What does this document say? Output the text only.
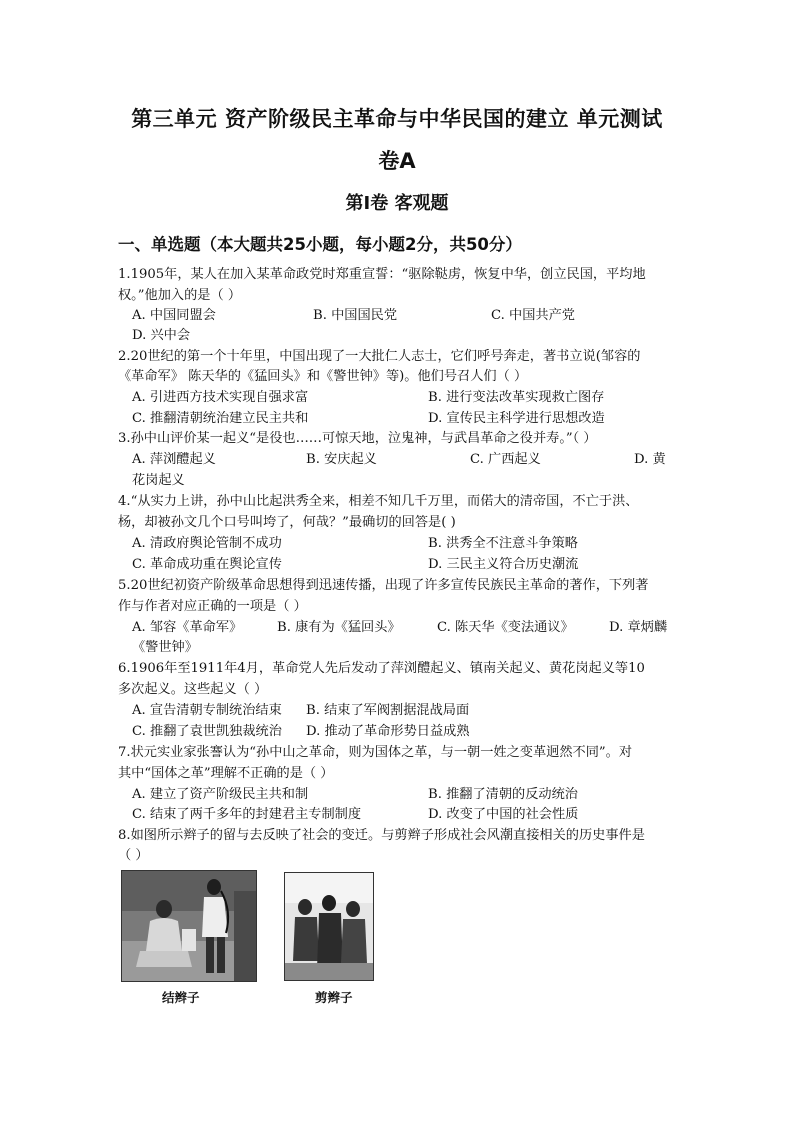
第三单元 资产阶级民主革命与中华民国的建立 单元测试
卷A
第Ⅰ卷 客观题
一、单选题（本大题共25小题，每小题2分，共50分）
1.1905年，某人在加入某革命政党时郑重宣誓：“驱除鞑虏，恢复中华，创立民国，平均地
权。”他加入的是（ ）
A. 中国同盟会	B. 中国国民党	C. 中国共产党
D. 兴中会
2.20世纪的第一个十年里，中国出现了一大批仁人志士，它们呼号奔走，著书立说(邹容的
《革命军》 陈天华的《猛回头》和《警世钟》等)。他们号召人们（ ）
A. 引进西方技术实现自强求富	B. 进行变法改革实现救亡图存
C. 推翻清朝统治建立民主共和	D. 宣传民主科学进行思想改造
3.孙中山评价某一起义“是役也……可惊天地，泣鬼神，与武昌革命之役并寿。”（ ）
A. 萍浏醴起义	B. 安庆起义	C. 广西起义	D. 黄
花岗起义
4.“从实力上讲，孙中山比起洪秀全来，相差不知几千万里，而偌大的清帝国，不亡于洪、
杨，却被孙文几个口号叫垮了，何哉？”最确切的回答是( )
A. 清政府舆论管制不成功	B. 洪秀全不注意斗争策略
C. 革命成功重在舆论宣传	D. 三民主义符合历史潮流
5.20世纪初资产阶级革命思想得到迅速传播，出现了许多宣传民族民主革命的著作，下列著
作与作者对应正确的一项是（ ）
A. 邹容《革命军》	B. 康有为《猛回头》	C. 陈天华《变法通议》	D. 章炳麟
《警世钟》
6.1906年至1911年4月，革命党人先后发动了萍浏醴起义、镇南关起义、黄花岗起义等10
多次起义。这些起义（ ）
A. 宣告清朝专制统治结束 B. 结束了军阀割据混战局面
C. 推翻了袁世凯独裁统治 D. 推动了革命形势日益成熟
7.状元实业家张謇认为“孙中山之革命，则为国体之革，与一朝一姓之变革迥然不同”。对
其中“国体之革”理解不正确的是（ ）
A. 建立了资产阶级民主共和制	B. 推翻了清朝的反动统治
C. 结束了两千多年的封建君主专制制度	D. 改变了中国的社会性质
8.如图所示辫子的留与去反映了社会的变迁。与剪辫子形成社会风潮直接相关的历史事件是
（ ）
结辫子	剪辫子
